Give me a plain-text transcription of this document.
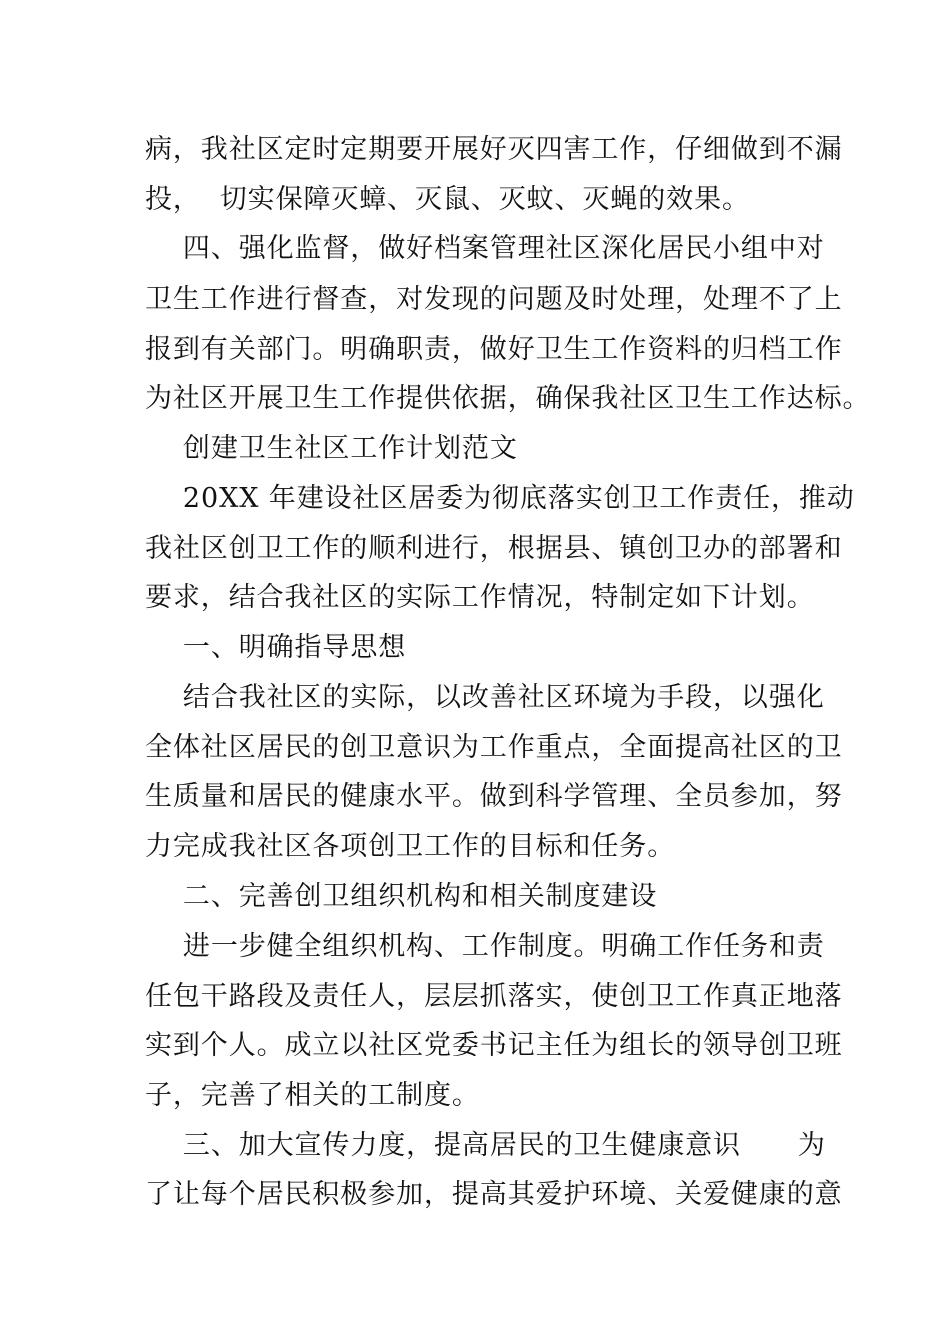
病，我社区定时定期要开展好灭四害工作，仔细做到不漏
投，  切实保障灭蟑、灭鼠、灭蚊、灭蝇的效果。
四、强化监督，做好档案管理社区深化居民小组中对
卫生工作进行督查，对发现的问题及时处理，处理不了上
报到有关部门。明确职责，做好卫生工作资料的归档工作
为社区开展卫生工作提供依据，确保我社区卫生工作达标。
创建卫生社区工作计划范文
20XX 年建设社区居委为彻底落实创卫工作责任，推动
我社区创卫工作的顺利进行，根据县、镇创卫办的部署和
要求，结合我社区的实际工作情况，特制定如下计划。
一、明确指导思想
结合我社区的实际，以改善社区环境为手段，以强化
全体社区居民的创卫意识为工作重点，全面提高社区的卫
生质量和居民的健康水平。做到科学管理、全员参加，努
力完成我社区各项创卫工作的目标和任务。
二、完善创卫组织机构和相关制度建设
进一步健全组织机构、工作制度。明确工作任务和责
任包干路段及责任人，层层抓落实，使创卫工作真正地落
实到个人。成立以社区党委书记主任为组长的领导创卫班
子，完善了相关的工制度。
三、加大宣传力度，提高居民的卫生健康意识      为
了让每个居民积极参加，提高其爱护环境、关爱健康的意
